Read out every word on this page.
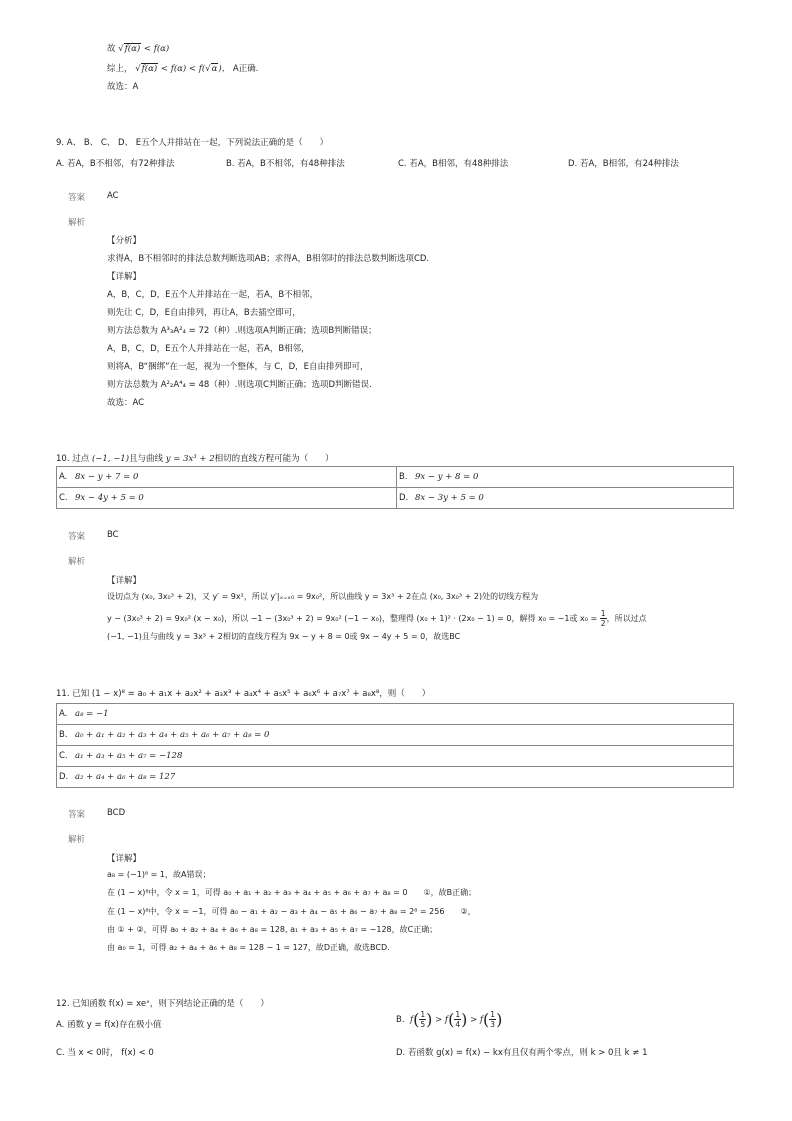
故 √f(α) < f(α)
综上， √f(α) < f(α) < f(√α)， A正确.
故选：A
9. A、 B、 C、 D、 E五个人并排站在一起，下列说法正确的是（　　）
A. 若A，B不相邻，有72种排法	B. 若A，B不相邻，有48种排法	C. 若A，B相邻，有48种排法	D. 若A，B相邻，有24种排法
答案	AC
解析
【分析】
求得A，B不相邻时的排法总数判断选项AB；求得A，B相邻时的排法总数判断选项CD.
【详解】
A，B，C，D，E五个人并排站在一起，若A，B不相邻，
则先让 C，D，E自由排列，再让A，B去插空即可，
则方法总数为 A³₃A²₄ = 72（种）.则选项A判断正确；选项B判断错误；
A，B，C，D，E五个人并排站在一起，若A，B相邻，
则将A，B“捆绑”在一起，视为一个整体，与 C，D，E自由排列即可，
则方法总数为 A²₂A⁴₄ = 48（种）.则选项C判断正确；选项D判断错误.
故选：AC
10. 过点 (−1, −1)且与曲线 y = 3x³ + 2相切的直线方程可能为（　　）
A. 8x − y + 7 = 0	B. 9x − y + 8 = 0
C. 9x − 4y + 5 = 0	D. 8x − 3y + 5 = 0
答案	BC
解析
【详解】
设切点为 (x₀, 3x₀³ + 2)，又 y′ = 9x²，所以 y′|ₓ₌ₓ₀ = 9x₀²，所以曲线 y = 3x³ + 2在点 (x₀, 3x₀³ + 2)处的切线方程为
y − (3x₀³ + 2) = 9x₀² (x − x₀)，所以 −1 − (3x₀³ + 2) = 9x₀² (−1 − x₀)，整理得 (x₀ + 1)² · (2x₀ − 1) = 0，解得 x₀ = −1或 $x_0 = \frac{1}{2}$ ，所以过点
(−1, −1)且与曲线 y = 3x³ + 2相切的直线方程为 9x − y + 8 = 0或 9x − 4y + 5 = 0，故选BC
11. 已知 (1 − x)⁸ = a₀ + a₁x + a₂x² + a₃x³ + a₄x⁴ + a₅x⁵ + a₆x⁶ + a₇x⁷ + a₈x⁸，则（　　）
A. a₈ = −1
B. a₀ + a₁ + a₂ + a₃ + a₄ + a₅ + a₆ + a₇ + a₈ = 0
C. a₁ + a₃ + a₅ + a₇ = −128
D. a₂ + a₄ + a₆ + a₈ = 127
答案	BCD
解析
【详解】
a₈ = (−1)⁸ = 1，故A错误；
在 (1 − x)⁸中，令 x = 1，可得 a₀ + a₁ + a₂ + a₃ + a₄ + a₅ + a₆ + a₇ + a₈ = 0　　①，故B正确；
在 (1 − x)⁸中，令 x = −1，可得 a₀ − a₁ + a₂ − a₃ + a₄ − a₅ + a₆ − a₇ + a₈ = 2⁸ = 256　　②，
由 ① + ②，可得 a₀ + a₂ + a₄ + a₆ + a₈ = 128, a₁ + a₃ + a₅ + a₇ = −128，故C正确；
由 a₀ = 1，可得 a₂ + a₄ + a₆ + a₈ = 128 − 1 = 127，故D正确，故选BCD.
12. 已知函数 f(x) = xeˣ，则下列结论正确的是（　　）
A. 函数 y = f(x)存在极小值	B.  $f( \frac{1}{5}$ ) > $f( \frac{1}{4}$ ) > $f( \frac{1}{3}$ )
C. 当 x < 0时， f(x) < 0	D. 若函数 g(x) = f(x) − kx有且仅有两个零点，则 k > 0且 k ≠ 1
